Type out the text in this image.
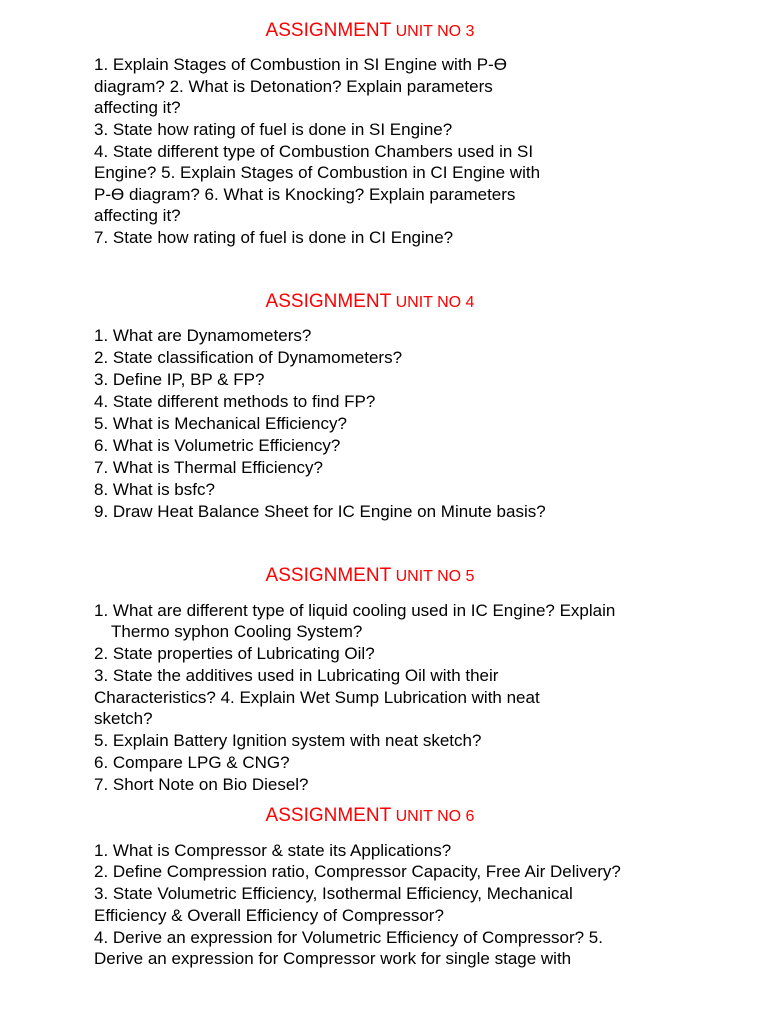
ASSIGNMENT UNIT NO 3
1. Explain Stages of Combustion in SI Engine with P-Ɵ
diagram? 2. What is Detonation? Explain parameters
affecting it?
3. State how rating of fuel is done in SI Engine?
4. State different type of Combustion Chambers used in SI
Engine? 5. Explain Stages of Combustion in CI Engine with
P-Ɵ diagram? 6. What is Knocking? Explain parameters
affecting it?
7. State how rating of fuel is done in CI Engine?
ASSIGNMENT UNIT NO 4
1. What are Dynamometers?
2. State classification of Dynamometers?
3. Define IP, BP & FP?
4. State different methods to find FP?
5. What is Mechanical Efficiency?
6. What is Volumetric Efficiency?
7. What is Thermal Efficiency?
8. What is bsfc?
9. Draw Heat Balance Sheet for IC Engine on Minute basis?
ASSIGNMENT UNIT NO 5
1. What are different type of liquid cooling used in IC Engine? Explain
Thermo syphon Cooling System?
2. State properties of Lubricating Oil?
3. State the additives used in Lubricating Oil with their
Characteristics? 4. Explain Wet Sump Lubrication with neat
sketch?
5. Explain Battery Ignition system with neat sketch?
6. Compare LPG & CNG?
7. Short Note on Bio Diesel?
ASSIGNMENT UNIT NO 6
1. What is Compressor & state its Applications?
2. Define Compression ratio, Compressor Capacity, Free Air Delivery?
3. State Volumetric Efficiency, Isothermal Efficiency, Mechanical
Efficiency & Overall Efficiency of Compressor?
4. Derive an expression for Volumetric Efficiency of Compressor? 5.
Derive an expression for Compressor work for single stage with
